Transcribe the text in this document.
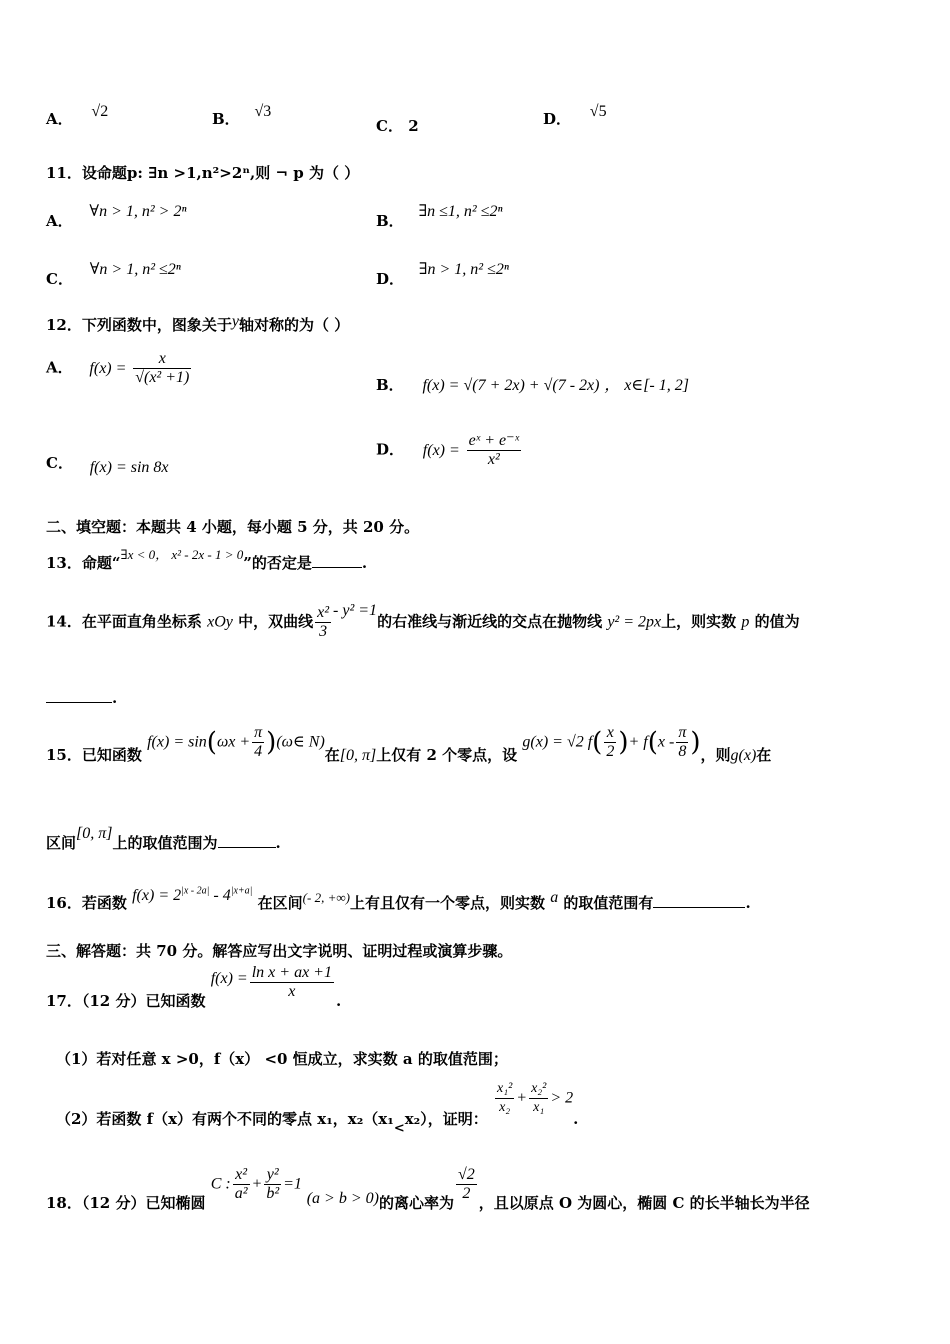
A． √2	B． √3
C． 2	D． √5
11．设命题p: ∃n >1,n²>2ⁿ,则 ¬ p 为（ ）
A． ∀n > 1, n² > 2ⁿ
B． ∃n ≤1, n² ≤2ⁿ
C． ∀n > 1, n² ≤2ⁿ
D． ∃n > 1, n² ≤2ⁿ
12．下列函数中，图象关于y轴对称的为（ ）
A． $f(x) = \frac{x}{\text{√(x² +1)}}$	B． f(x) = √(7 + 2x) + √(7 - 2x) ， x∈[- 1, 2]
C． f(x) = sin 8x
D． $f(x) = \frac{\text{eˣ + e⁻ˣ}}{\text{x²}}$
二、填空题：本题共 4 小题，每小题 5 分，共 20 分。
13．命题“∃x < 0， x² - 2x - 1 > 0”的否定是	.
14．在平面直角坐标系 xOy 中，双曲线 $\frac{\text{x²}}{3} - y^2 =1$的右准线与渐近线的交点在抛物线 y² = 2px上，则实数 p 的值为
.
15．已知函数 $f(x) = \sin(\omega x + \frac{\pi}{4}$ )(ω∈ N)在[0, π]上仅有 2 个零点，设 g(x) = √2 $f( \frac{x}{2}$ )+ $f(x - \frac{\pi}{8}$ )，则g(x)在
区间[0, π]上的取值范围为	.
16．若函数 $f(x) = 2^{|x - 2a|} - 4^{|x+a|}$ 在区间(- 2, +∞)上有且仅有一个零点，则实数 a 的取值范围有	.
三、解答题：共 70 分。解答应写出文字说明、证明过程或演算步骤。
17．（12 分）已知函数 $f(x) = \frac{\text{ln x + ax +1}}{x}$ .
（1）若对任意 x >0，f（x） <0 恒成立，求实数 a 的取值范围；
（2）若函数 f（x）有两个不同的零点 x₁，x₂（x₁<x₂），证明：
$\frac{\text{x₁²}}{\text{x₂}} + \frac{\text{x₂²}}{\text{x₁}} > 2$.
18．（12 分）已知椭圆 C : $\frac{\text{x²}}{\text{a²}} + \frac{\text{y²}}{\text{b²}} =1$ (a > b > 0)的离心率为 $\frac{√2}{2}$ ，且以原点 O 为圆心，椭圆 C 的长半轴长为半径
